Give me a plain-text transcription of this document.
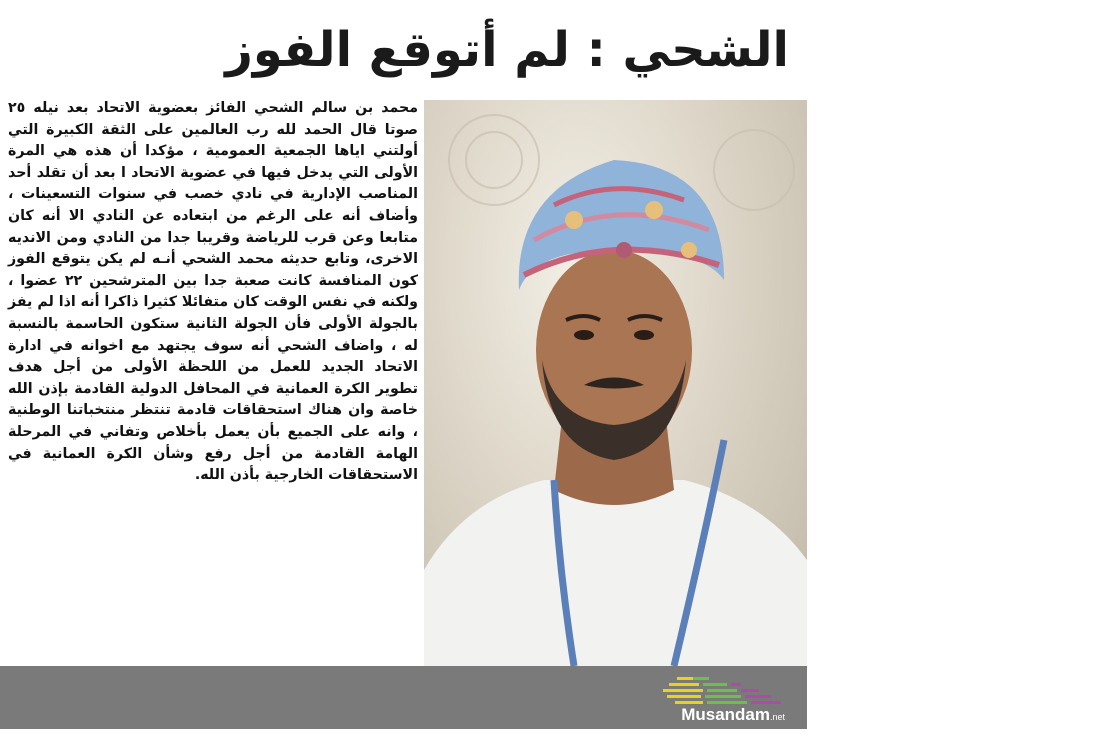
الشحي : لم أتوقع الفوز
محمد بن سالم الشحي الفائز بعضوية الاتحاد بعد نيله ٢٥ صوتا قال الحمد لله رب العالمين على الثقة الكبيرة التي أولتني اياها الجمعية العمومية ، مؤكدا أن هذه هي المرة الأولى التي يدخل فيها في عضوية الاتحاد ا بعد أن تقلد أحد المناصب الإدارية في نادي خصب في سنوات التسعينات ، وأضاف أنه على الرغم من ابتعاده عن النادي الا أنه كان متابعا وعن قرب للرياضة وقريبا جدا من النادي ومن الانديه الاخرى، وتابع حديثه محمد الشحي أنـه لم يكن يتوقع الفوز كون المنافسة كانت صعبة جدا بين المترشحين ٢٢ عضوا ، ولكنه في نفس الوقت كان متفائلا كثيرا ذاكرا أنه اذا لم يفز بالجولة الأولى فأن الجولة الثانية ستكون الحاسمة بالنسبة له ، واضاف الشحي أنه سوف يجتهد مع اخوانه في ادارة الاتحاد الجديد للعمل من اللحظة الأولى من أجل هدف تطوير الكرة العمانية في المحافل الدولية القادمة بإذن الله خاصة وان هناك استحقاقات قادمة تنتظر منتخباتنا الوطنية ، وانه على الجميع بأن يعمل بأخلاص وتفاني في المرحلة الهامة القادمة من أجل رفع وشأن الكرة العمانية في الاستحقاقات الخارجية بأذن الله.
محمد الشحي
Musandam.net
